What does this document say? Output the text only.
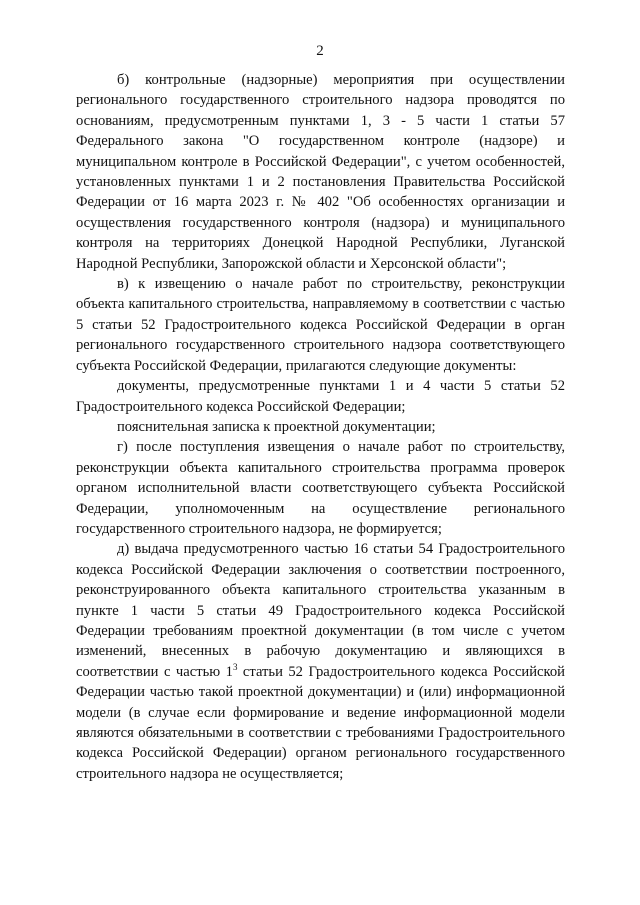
2

б) контрольные (надзорные) мероприятия при осуществлении регионального государственного строительного надзора проводятся по основаниям, предусмотренным пунктами 1, 3 - 5 части 1 статьи 57 Федерального закона "О государственном контроле (надзоре) и муниципальном контроле в Российской Федерации", с учетом особенностей, установленных пунктами 1 и 2 постановления Правительства Российской Федерации от 16 марта 2023 г. № 402 "Об особенностях организации и осуществления государственного контроля (надзора) и муниципального контроля на территориях Донецкой Народной Республики, Луганской Народной Республики, Запорожской области и Херсонской области";

в) к извещению о начале работ по строительству, реконструкции объекта капитального строительства, направляемому в соответствии с частью 5 статьи 52 Градостроительного кодекса Российской Федерации в орган регионального государственного строительного надзора соответствующего субъекта Российской Федерации, прилагаются следующие документы:

документы, предусмотренные пунктами 1 и 4 части 5 статьи 52 Градостроительного кодекса Российской Федерации;

пояснительная записка к проектной документации;

г) после поступления извещения о начале работ по строительству, реконструкции объекта капитального строительства программа проверок органом исполнительной власти соответствующего субъекта Российской Федерации, уполномоченным на осуществление регионального государственного строительного надзора, не формируется;

д) выдача предусмотренного частью 16 статьи 54 Градостроительного кодекса Российской Федерации заключения о соответствии построенного, реконструированного объекта капитального строительства указанным в пункте 1 части 5 статьи 49 Градостроительного кодекса Российской Федерации требованиям проектной документации (в том числе с учетом изменений, внесенных в рабочую документацию и являющихся в соответствии с частью $1^3$ статьи 52 Градостроительного кодекса Российской Федерации частью такой проектной документации) и (или) информационной модели (в случае если формирование и ведение информационной модели являются обязательными в соответствии с требованиями Градостроительного кодекса Российской Федерации) органом регионального государственного строительного надзора не осуществляется;
